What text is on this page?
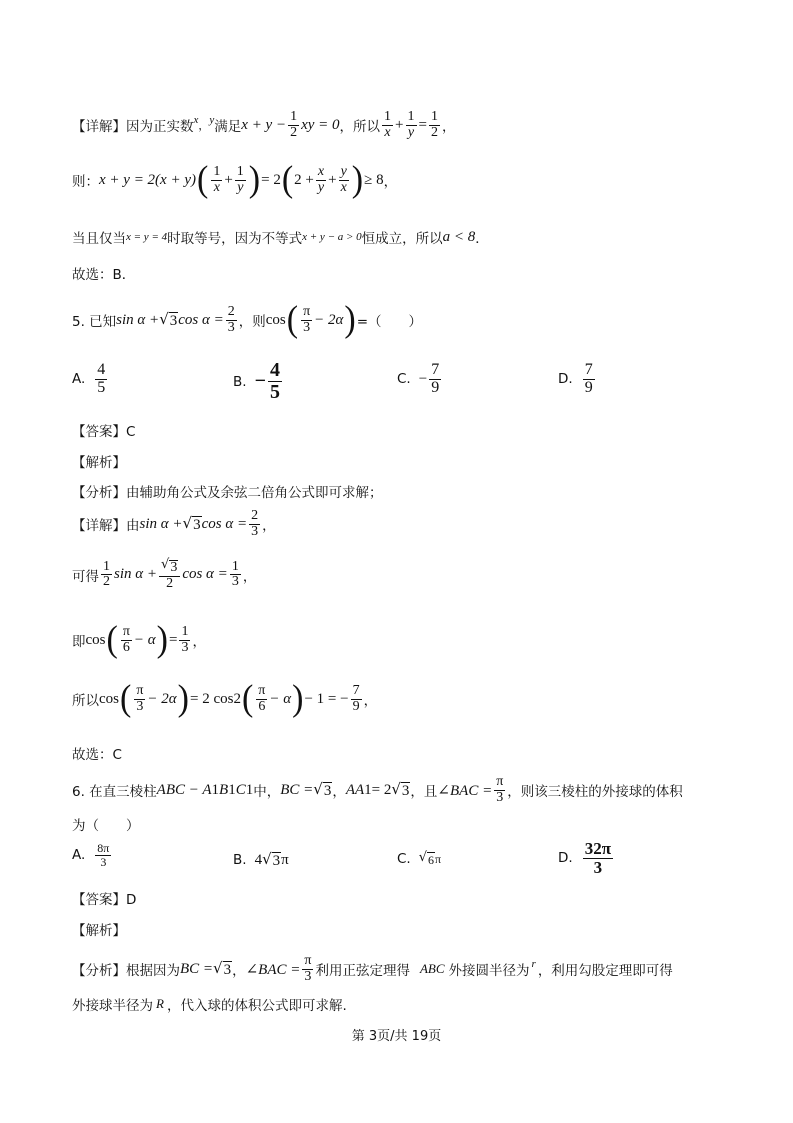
【详解】因为正实数 x ， y 满足 $x + y - \frac{1}{2}$ xy = 0 ，所以 $\frac{1}{x} + \frac{1}{y} = \frac{1}{2}$ ，
则： x + y = 2(x + y) ( $\frac{1}{x} + \frac{1}{y}$ ) = 2 ( $2 + \frac{x}{y} + \frac{y}{x}$ ) ≥ 8 ，
当且仅当 x = y = 4 时取等号，因为不等式 x + y − a > 0 恒成立，所以 a < 8 ．
故选：B．
5. 已知 sin α + √ 3 $\cos \alpha = \frac{2}{3}$ ，则 cos ( $\frac{\pi}{3} - 2\alpha$ ) =（　　）
A. $\frac{4}{5}$	B. − $\frac{4}{5}$	C. − $\frac{7}{9}$	D. $\frac{7}{9}$
【答案】C
【解析】
【分析】由辅助角公式及余弦二倍角公式即可求解；
【详解】由 sin α + √ 3 $\cos \alpha = \frac{2}{3}$ ，
可得 $\frac{1}{2}$ $\sin \alpha + \frac{√ 3}{2}$ $\cos \alpha = \frac{1}{3}$ ，
即 cos ( $\frac{\pi}{6} - \alpha$ ) = $\frac{1}{3}$ ，
所以 cos ( $\frac{\pi}{3} - 2\alpha$ ) = 2 cos 2 ( $\frac{\pi}{6} - \alpha$ ) − 1 = − $\frac{7}{9}$ ，
故选：C
6. 在直三棱柱 ABC − A 1 B 1 C 1 中， BC = √ 3 ， AA 1 = 2 √ 3 ，且 ∠BAC = $\frac{\pi}{3}$ ，则该三棱柱的外接球的体积
为（　　）
A. $\frac{8\pi}{3}$	B. 4 √ 3 π	C. √ 6 π	D. $\frac{32\pi}{3}$
【答案】D
【解析】
【分析】根据因为 BC = √ 3 ， ∠BAC = $\frac{\pi}{3}$ 利用正弦定理得 ABC 外接圆半径为 r ，利用勾股定理即可得
外接球半径为 R ，代入球的体积公式即可求解.
第 3页/共 19页
